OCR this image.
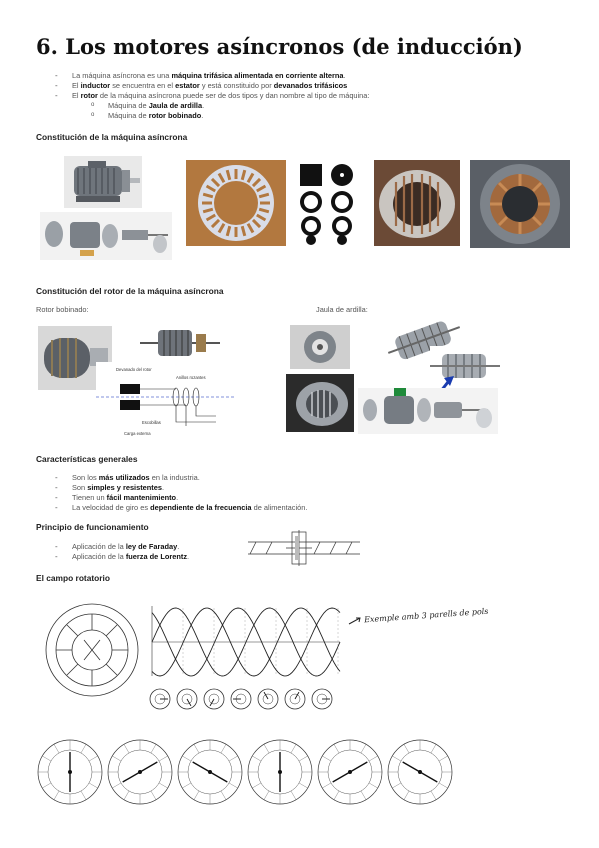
6. Los motores asíncronos (de inducción)
- La máquina asíncrona es una máquina trifásica alimentada en corriente alterna.
- El inductor se encuentra en el estator y está constituido por devanados trifásicos
- El rotor de la máquina asíncrona puede ser de dos tipos y dan nombre al tipo de máquina:
o Máquina de Jaula de ardilla.
o Máquina de rotor bobinado.
Constitución de la máquina asíncrona
Constitución del rotor de la máquina asíncrona
Rotor bobinado:	Jaula de ardilla:
Devanado del rotor
Anillos rozantes
Escobillas
Carga externa
Características generales
- Son los más utilizados en la industria.
- Son simples y resistentes.
- Tienen un fácil mantenimiento.
- La velocidad de giro es dependiente de la frecuencia de alimentación.
Principio de funcionamiento
- Aplicación de la ley de Faraday.
- Aplicación de la fuerza de Lorentz.
El campo rotatorio
Exemple amb 3 parells de pols
